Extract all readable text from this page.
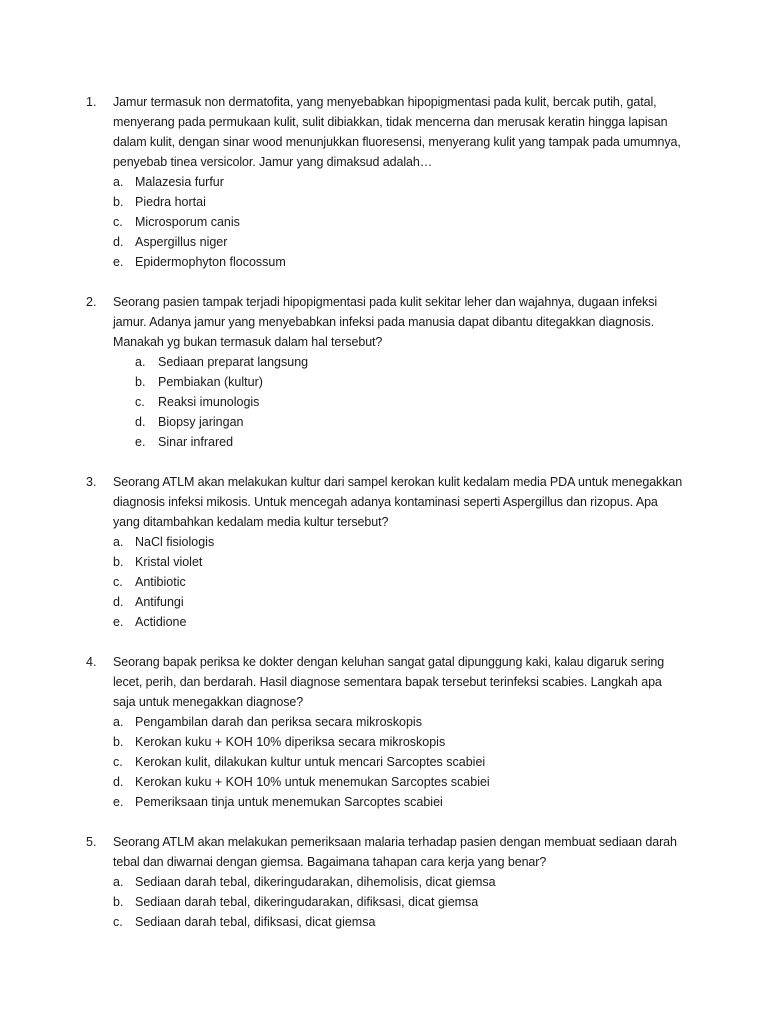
1. Jamur termasuk non dermatofita, yang menyebabkan hipopigmentasi pada kulit, bercak putih, gatal, menyerang pada permukaan kulit, sulit dibiakkan, tidak mencerna dan merusak keratin hingga lapisan dalam kulit, dengan sinar wood menunjukkan fluoresensi, menyerang kulit yang tampak pada umumnya, penyebab tinea versicolor. Jamur yang dimaksud adalah…
a. Malazesia furfur
b. Piedra hortai
c. Microsporum canis
d. Aspergillus niger
e. Epidermophyton flocossum
2. Seorang pasien tampak terjadi hipopigmentasi pada kulit sekitar leher dan wajahnya, dugaan infeksi jamur. Adanya jamur yang menyebabkan infeksi pada manusia dapat dibantu ditegakkan diagnosis. Manakah yg bukan termasuk dalam hal tersebut?
a. Sediaan preparat langsung
b. Pembiakan (kultur)
c. Reaksi imunologis
d. Biopsy jaringan
e. Sinar infrared
3. Seorang ATLM akan melakukan kultur dari sampel kerokan kulit kedalam media PDA untuk menegakkan diagnosis infeksi mikosis. Untuk mencegah adanya kontaminasi seperti Aspergillus dan rizopus. Apa yang ditambahkan kedalam media kultur tersebut?
a. NaCl fisiologis
b. Kristal violet
c. Antibiotic
d. Antifungi
e. Actidione
4. Seorang bapak periksa ke dokter dengan keluhan sangat gatal dipunggung kaki, kalau digaruk sering lecet, perih, dan berdarah. Hasil diagnose sementara bapak tersebut terinfeksi scabies. Langkah apa saja untuk menegakkan diagnose?
a. Pengambilan darah dan periksa secara mikroskopis
b. Kerokan kuku + KOH 10% diperiksa secara mikroskopis
c. Kerokan kulit, dilakukan kultur untuk mencari Sarcoptes scabiei
d. Kerokan kuku + KOH 10% untuk menemukan Sarcoptes scabiei
e. Pemeriksaan tinja untuk menemukan Sarcoptes scabiei
5. Seorang ATLM akan melakukan pemeriksaan malaria terhadap pasien dengan membuat sediaan darah tebal dan diwarnai dengan giemsa. Bagaimana tahapan cara kerja yang benar?
a. Sediaan darah tebal, dikeringudarakan, dihemolisis, dicat giemsa
b. Sediaan darah tebal, dikeringudarakan, difiksasi, dicat giemsa
c. Sediaan darah tebal, difiksasi, dicat giemsa
